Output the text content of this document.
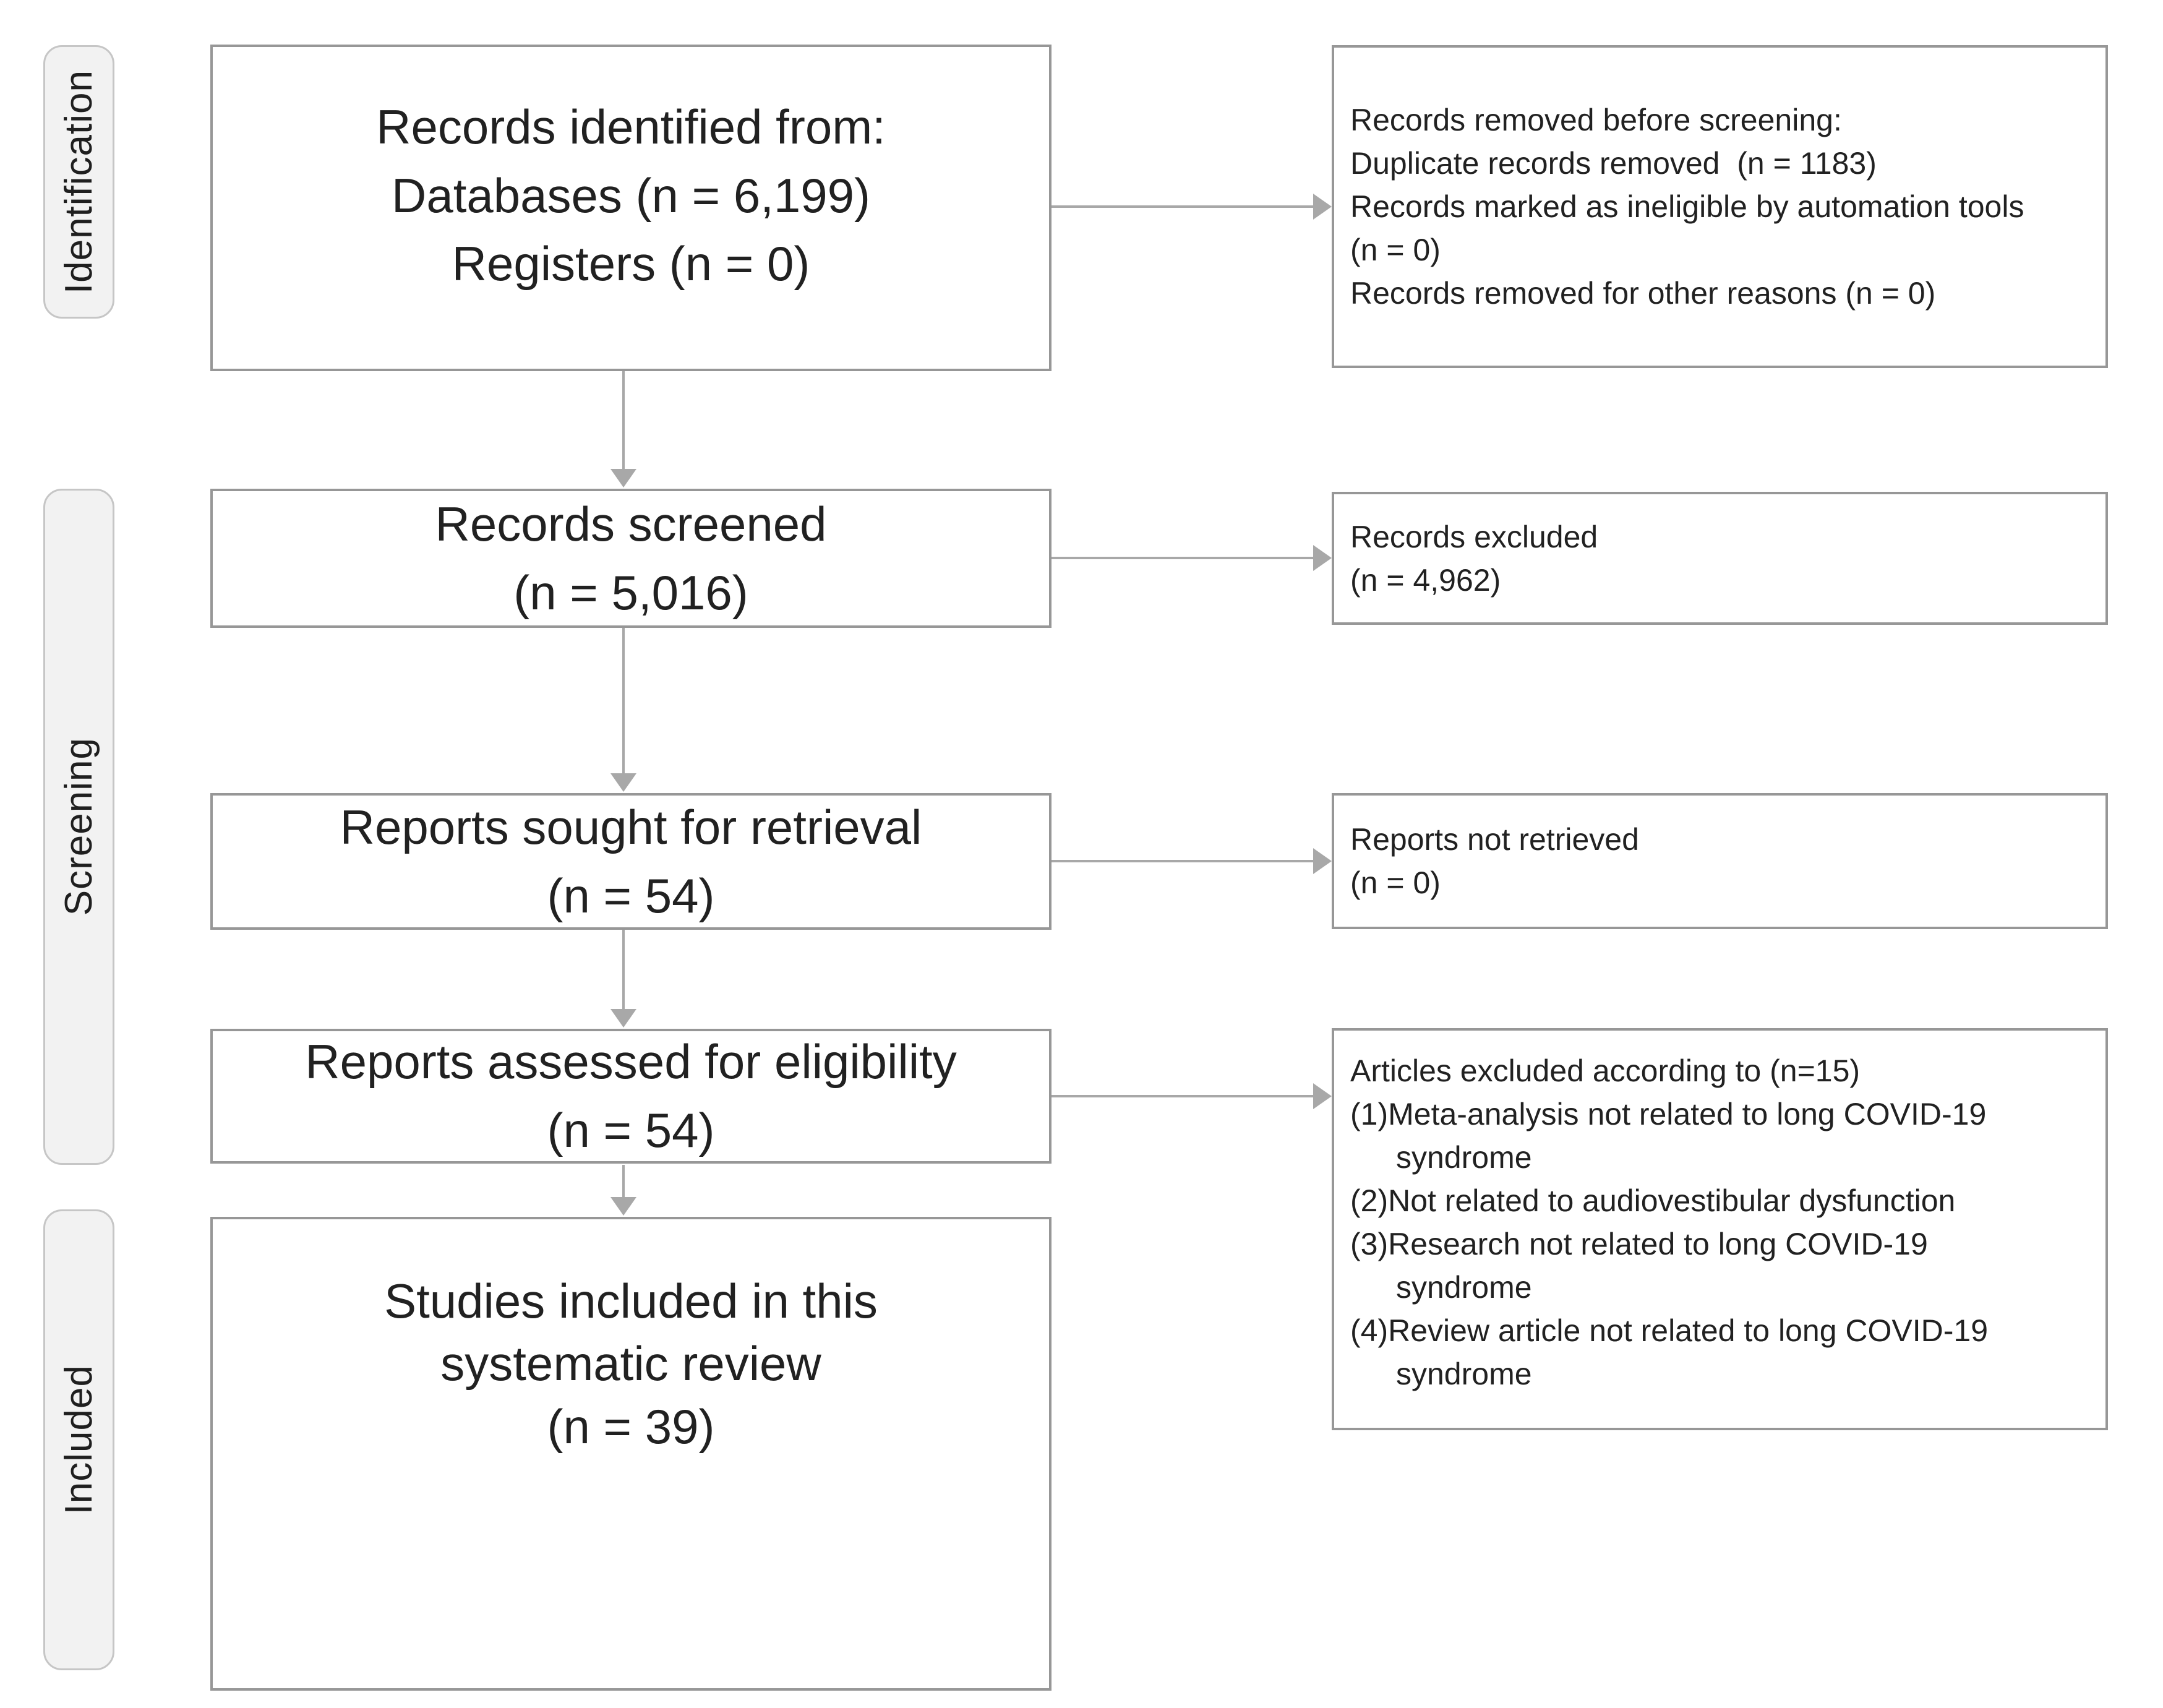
Identification
Screening
Included
Records identified from:
Databases (n = 6,199)
Registers (n = 0)
Records screened
(n = 5,016)
Reports sought for retrieval
(n = 54)
Reports assessed for eligibility
(n = 54)
Studies included in this
systematic review
(n = 39)
Records removed before screening:
Duplicate records removed  (n = 1183)
Records marked as ineligible by automation tools (n = 0)
Records removed for other reasons (n = 0)
Records excluded
(n = 4,962)
Reports not retrieved
(n = 0)
Articles excluded according to (n=15)
(1)Meta-analysis not related to long COVID-19 syndrome
(2)Not related to audiovestibular dysfunction
(3)Research not related to long COVID-19 syndrome
(4)Review article not related to long COVID-19 syndrome
